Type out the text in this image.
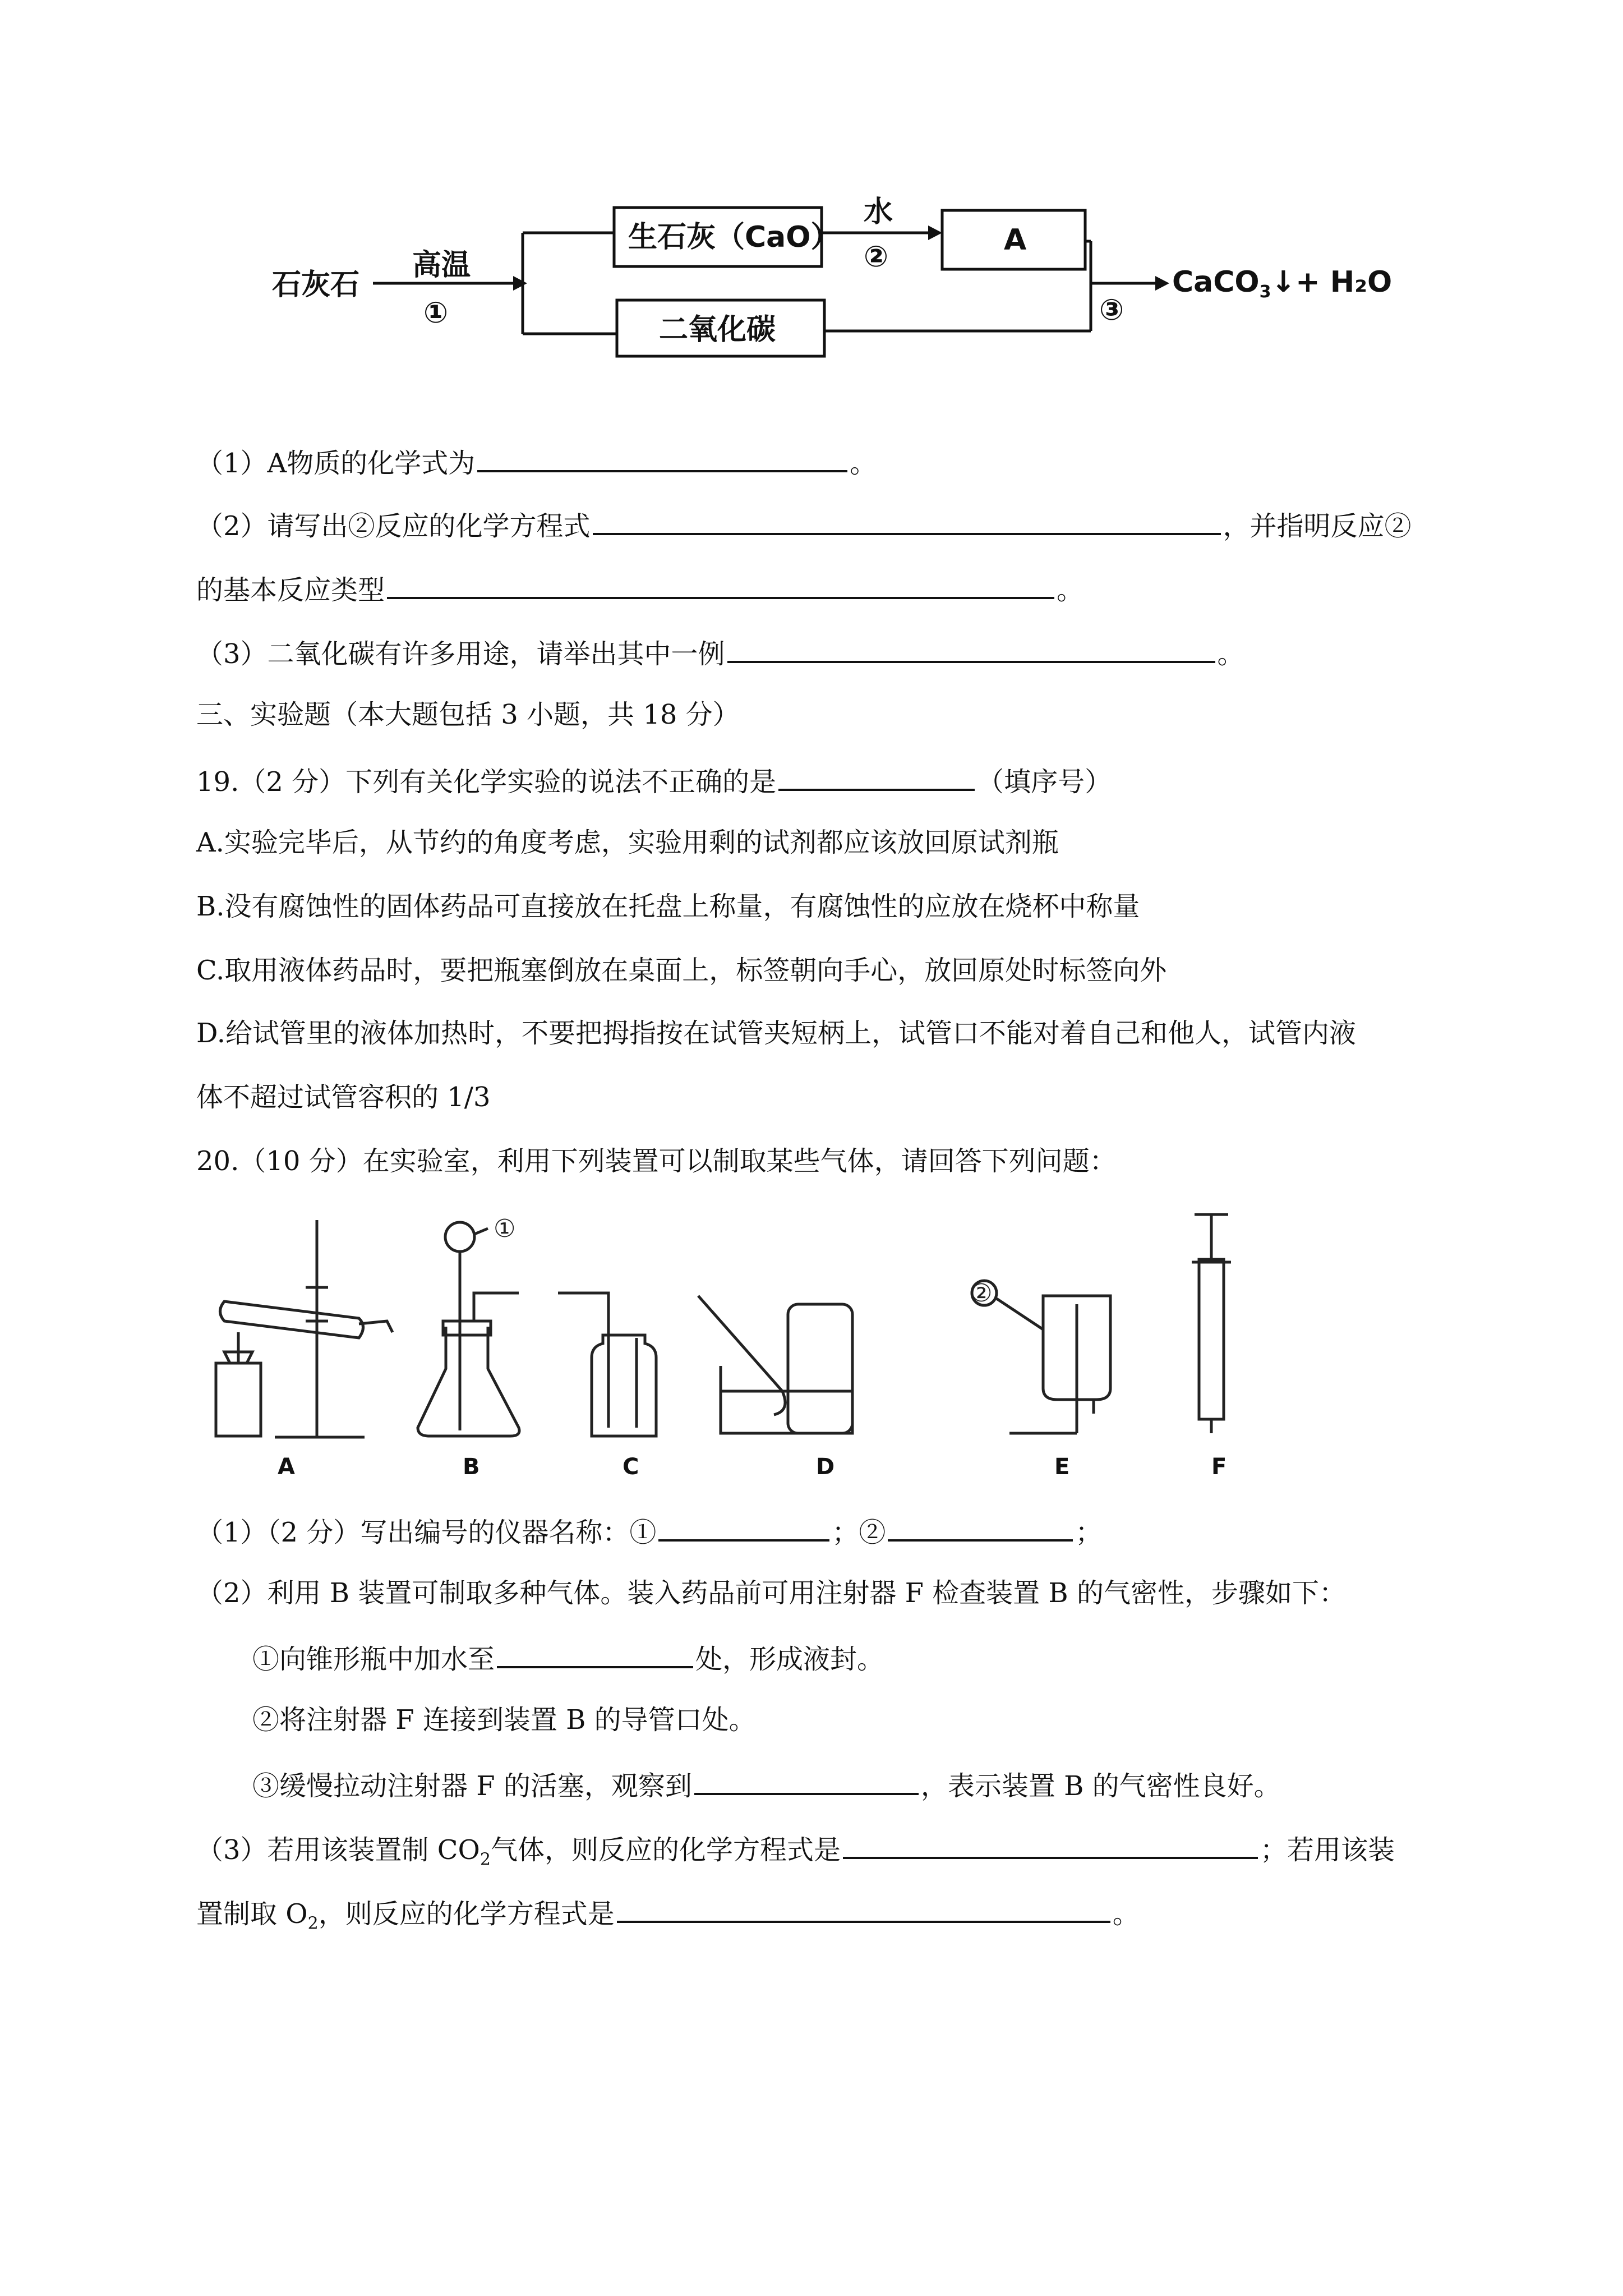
石灰石
高温
①
生石灰（CaO）
水
②	A
二氧化碳
③
CaCO3↓+ H₂O

（1）A物质的化学式为	。

（2）请写出②反应的化学方程式	，并指明反应②

的基本反应类型	。

（3）二氧化碳有许多用途，请举出其中一例	。

三、实验题（本大题包括 3 小题，共 18 分）

19.（2 分）下列有关化学实验的说法不正确的是	（填序号）

A.实验完毕后，从节约的角度考虑，实验用剩的试剂都应该放回原试剂瓶

B.没有腐蚀性的固体药品可直接放在托盘上称量，有腐蚀性的应放在烧杯中称量

C.取用液体药品时，要把瓶塞倒放在桌面上，标签朝向手心，放回原处时标签向外

D.给试管里的液体加热时，不要把拇指按在试管夹短柄上，试管口不能对着自己和他人，试管内液

体不超过试管容积的 1/3

20.（10 分）在实验室，利用下列装置可以制取某些气体，请回答下列问题：

①
②
A	B	C	D	E	F

（1）（2 分）写出编号的仪器名称：①	；②	；

（2）利用 B 装置可制取多种气体。装入药品前可用注射器 F 检查装置 B 的气密性，步骤如下：

①向锥形瓶中加水至	处，形成液封。

②将注射器 F 连接到装置 B 的导管口处。

③缓慢拉动注射器 F 的活塞，观察到	，表示装置 B 的气密性良好。

（3）若用该装置制 $CO_2$气体，则反应的化学方程式是	；若用该装

置制取 $O_2$，则反应的化学方程式是	。
